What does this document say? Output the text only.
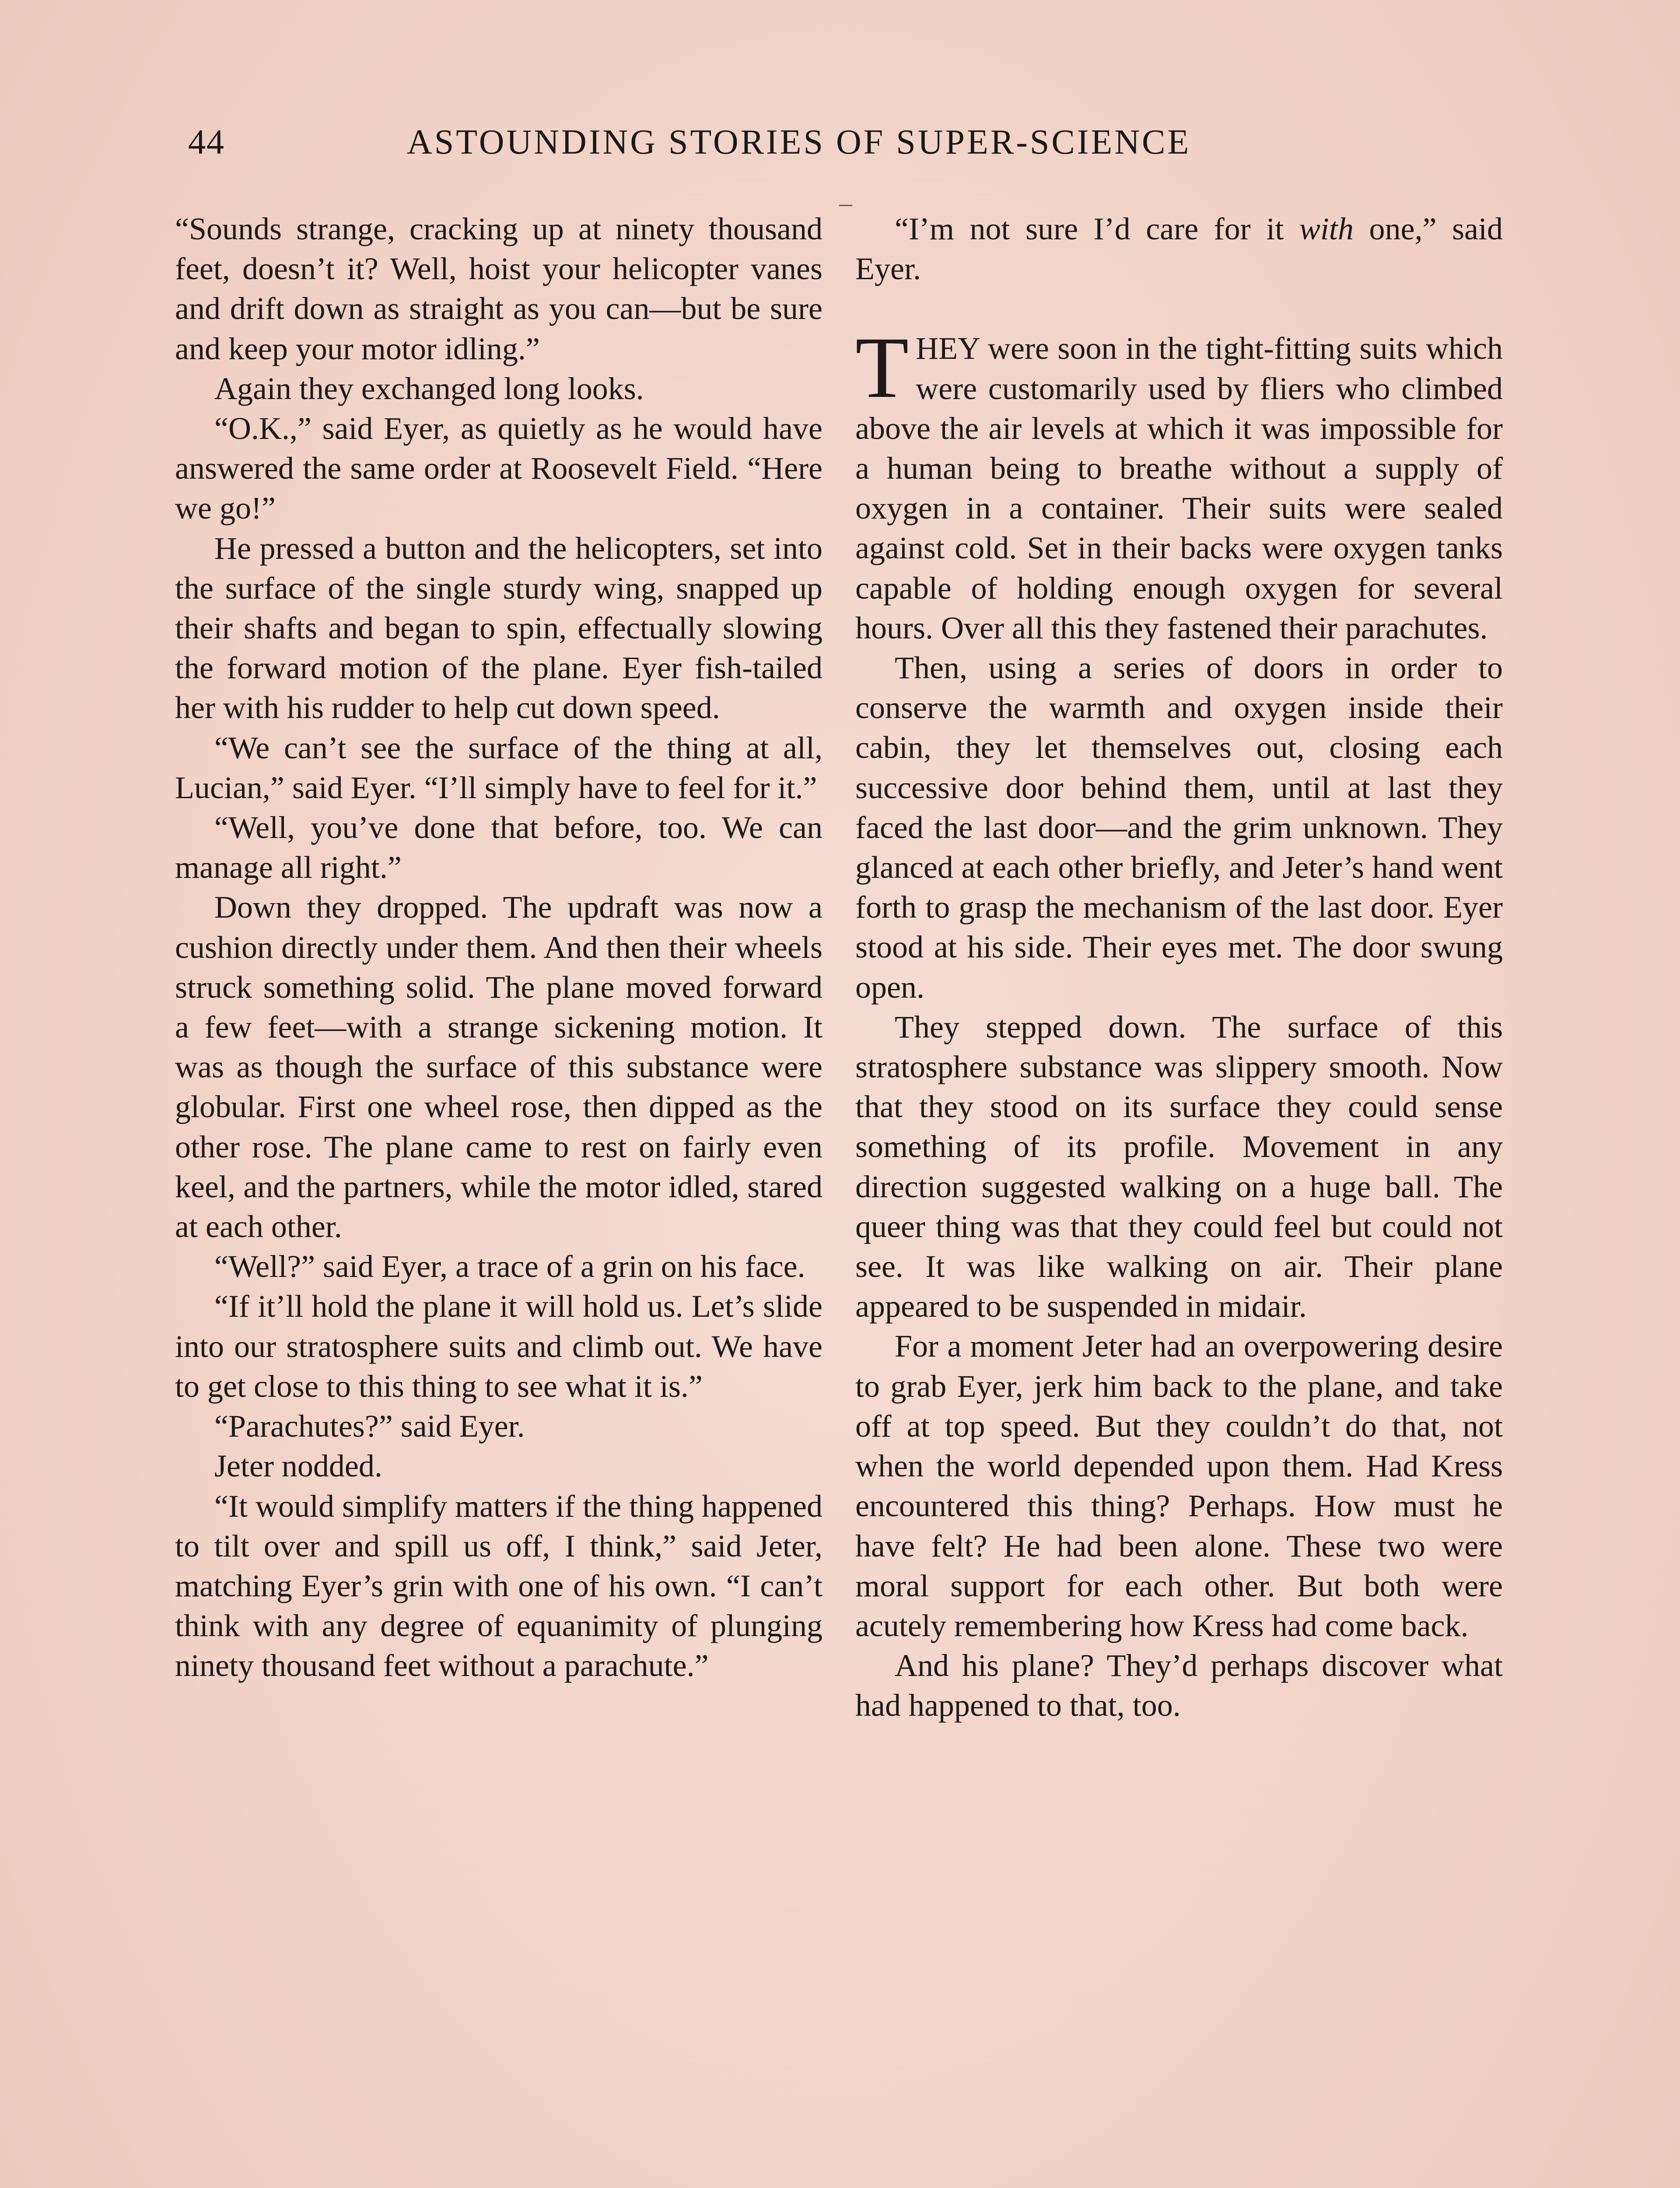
44	ASTOUNDING STORIES OF SUPER-SCIENCE

“Sounds strange, cracking up at ninety thousand feet, doesn’t it? Well, hoist your helicopter vanes and drift down as straight as you can—but be sure and keep your motor idling.”

Again they exchanged long looks.

“O.K.,” said Eyer, as quietly as he would have answered the same order at Roosevelt Field. “Here we go!”

He pressed a button and the helicopters, set into the surface of the single sturdy wing, snapped up their shafts and began to spin, effectually slowing the forward motion of the plane. Eyer fish-tailed her with his rudder to help cut down speed.

“We can’t see the surface of the thing at all, Lucian,” said Eyer. “I’ll simply have to feel for it.”

“Well, you’ve done that before, too. We can manage all right.”

Down they dropped. The updraft was now a cushion directly under them. And then their wheels struck something solid. The plane moved forward a few feet—with a strange sickening motion. It was as though the surface of this substance were globular. First one wheel rose, then dipped as the other rose. The plane came to rest on fairly even keel, and the partners, while the motor idled, stared at each other.

“Well?” said Eyer, a trace of a grin on his face.

“If it’ll hold the plane it will hold us. Let’s slide into our stratosphere suits and climb out. We have to get close to this thing to see what it is.”

“Parachutes?” said Eyer.

Jeter nodded.

“It would simplify matters if the thing happened to tilt over and spill us off, I think,” said Jeter, matching Eyer’s grin with one of his own. “I can’t think with any degree of equanimity of plunging ninety thousand feet without a parachute.”

“I’m not sure I’d care for it with one,” said Eyer.

THEY were soon in the tight-fitting suits which were customarily used by fliers who climbed above the air levels at which it was impossible for a human being to breathe without a supply of oxygen in a container. Their suits were sealed against cold. Set in their backs were oxygen tanks capable of holding enough oxygen for several hours. Over all this they fastened their parachutes.

Then, using a series of doors in order to conserve the warmth and oxygen inside their cabin, they let themselves out, closing each successive door behind them, until at last they faced the last door—and the grim unknown. They glanced at each other briefly, and Jeter’s hand went forth to grasp the mechanism of the last door. Eyer stood at his side. Their eyes met. The door swung open.

They stepped down. The surface of this stratosphere substance was slippery smooth. Now that they stood on its surface they could sense something of its profile. Movement in any direction suggested walking on a huge ball. The queer thing was that they could feel but could not see. It was like walking on air. Their plane appeared to be suspended in midair.

For a moment Jeter had an overpowering desire to grab Eyer, jerk him back to the plane, and take off at top speed. But they couldn’t do that, not when the world depended upon them. Had Kress encountered this thing? Perhaps. How must he have felt? He had been alone. These two were moral support for each other. But both were acutely remembering how Kress had come back.

And his plane? They’d perhaps discover what had happened to that, too.
